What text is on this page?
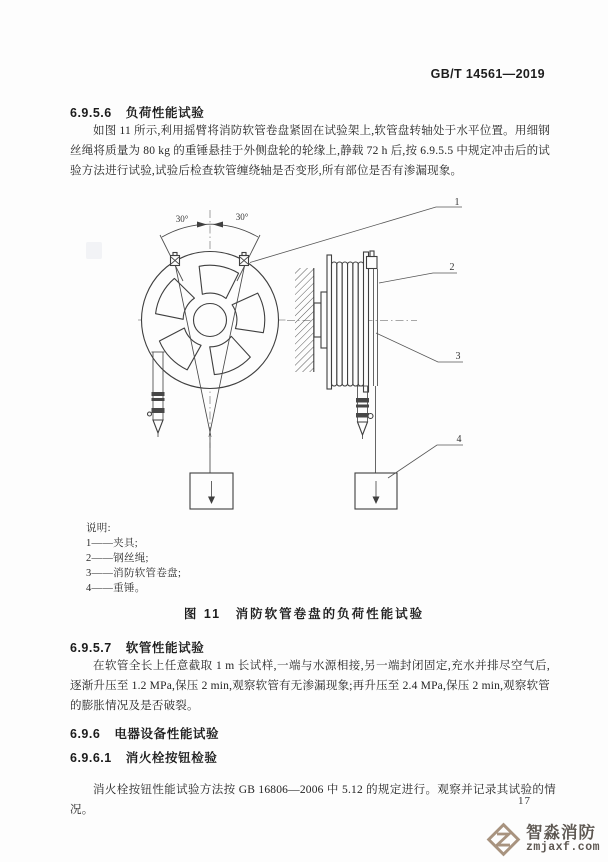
GB/T 14561—2019
6.9.5.6 负荷性能试验

如图 11 所示,利用摇臂将消防软管卷盘紧固在试验架上,软管盘转轴处于水平位置。用细钢丝绳将质量为 80 kg 的重锤悬挂于外侧盘轮的轮缘上,静载 72 h 后,按 6.9.5.5 中规定冲击后的试验方法进行试验,试验后检查软管缠绕轴是否变形,所有部位是否有渗漏现象。

30°	30°
1
2
3
4
说明:
1——夹具;
2——钢丝绳;
3——消防软管卷盘;
4——重锤。
图 11　消防软管卷盘的负荷性能试验
6.9.5.7 软管性能试验

在软管全长上任意截取 1 m 长试样,一端与水源相接,另一端封闭固定,充水并排尽空气后,逐渐升压至 1.2 MPa,保压 2 min,观察软管有无渗漏现象;再升压至 2.4 MPa,保压 2 min,观察软管的膨胀情况及是否破裂。

6.9.6 电器设备性能试验
6.9.6.1 消火栓按钮检验

消火栓按钮性能试验方法按 GB 16806—2006 中 5.12 的规定进行。观察并记录其试验的情况。

17
智淼消防
zmjaxf.com
